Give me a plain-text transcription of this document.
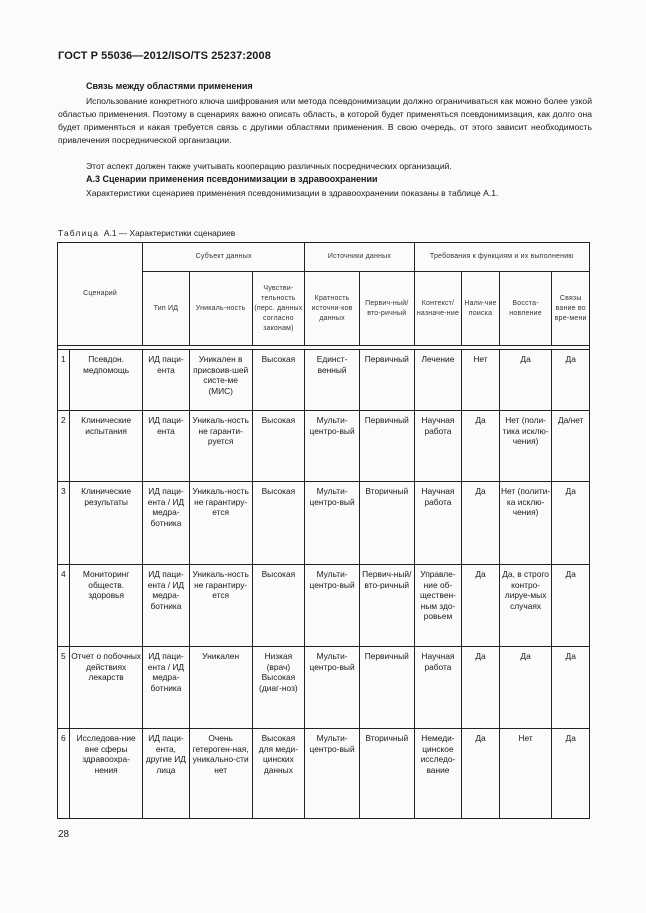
ГОСТ Р 55036—2012/ISO/TS 25237:2008
Связь между областями применения
Использование конкретного ключа шифрования или метода псевдонимизации должно ограничиваться как можно более узкой областью применения. Поэтому в сценариях важно описать область, в которой будет применяться псевдонимизация, как долго она будет применяться и какая требуется связь с другими областями применения. В свою очередь, от этого зависит необходимость привлечения посреднической организации.
Этот аспект должен также учитывать кооперацию различных посреднических организаций.
А.3 Сценарии применения псевдонимизации в здравоохранении
Характеристики сценариев применения псевдонимизации в здравоохранении показаны в таблице А.1.
Таблица А.1 — Характеристики сценариев
Сценарий		Субъект данных			Источники данных		Требования к функциям и их выполнению			
		Тип ИД	Уникаль-ность	Чувстви-тельность (перс. данных согласно законам)	Кратность источни-ков данных	Первич-ный/вто-ричный	Контекст/ назначе-ние	Нали-чие поиска	Восста-новление	Связы вание во вре-мени

1	Псевдон. медпомощь	ИД паци-ента	Уникален в присвоив-шей систе-ме (МИС)	Высокая	Единст-венный	Первичный	Лечение	Нет	Да	Да
2	Клинические испытания	ИД паци-ента	Уникаль-ность не гаранти-руется	Высокая	Мульти-центро-вый	Первичный	Научная работа	Да	Нет (поли-тика исклю-чения)	Да/нет
3	Клинические результаты	ИД паци-ента / ИД медра-ботника	Уникаль-ность не гарантиру-ется	Высокая	Мульти-центро-вый	Вторичный	Научная работа	Да	Нет (полити-ка исклю-чения)	Да
4	Мониторинг обществ. здоровья	ИД паци-ента / ИД медра-ботника	Уникаль-ность не гарантиру-ется	Высокая	Мульти-центро-вый	Первич-ный/вто-ричный	Управле-ние об-ществен-ным здо-ровьем	Да	Да, в строго контро-лируе-мых случаях	Да
5	Отчет о побочных действиях лекарств	ИД паци-ента / ИД медра-ботника	Уникален	Низкая (врач) Высокая (диаг-ноз)	Мульти-центро-вый	Первичный	Научная работа	Да	Да	Да
6	Исследова-ние вне сферы здравоохра-нения	ИД паци-ента, другие ИД лица	Очень гетероген-ная, уникально-сти нет	Высокая для меди-цинских данных	Мульти-центро-вый	Вторичный	Немеди-цинское исследо-вание	Да	Нет	Да
28
